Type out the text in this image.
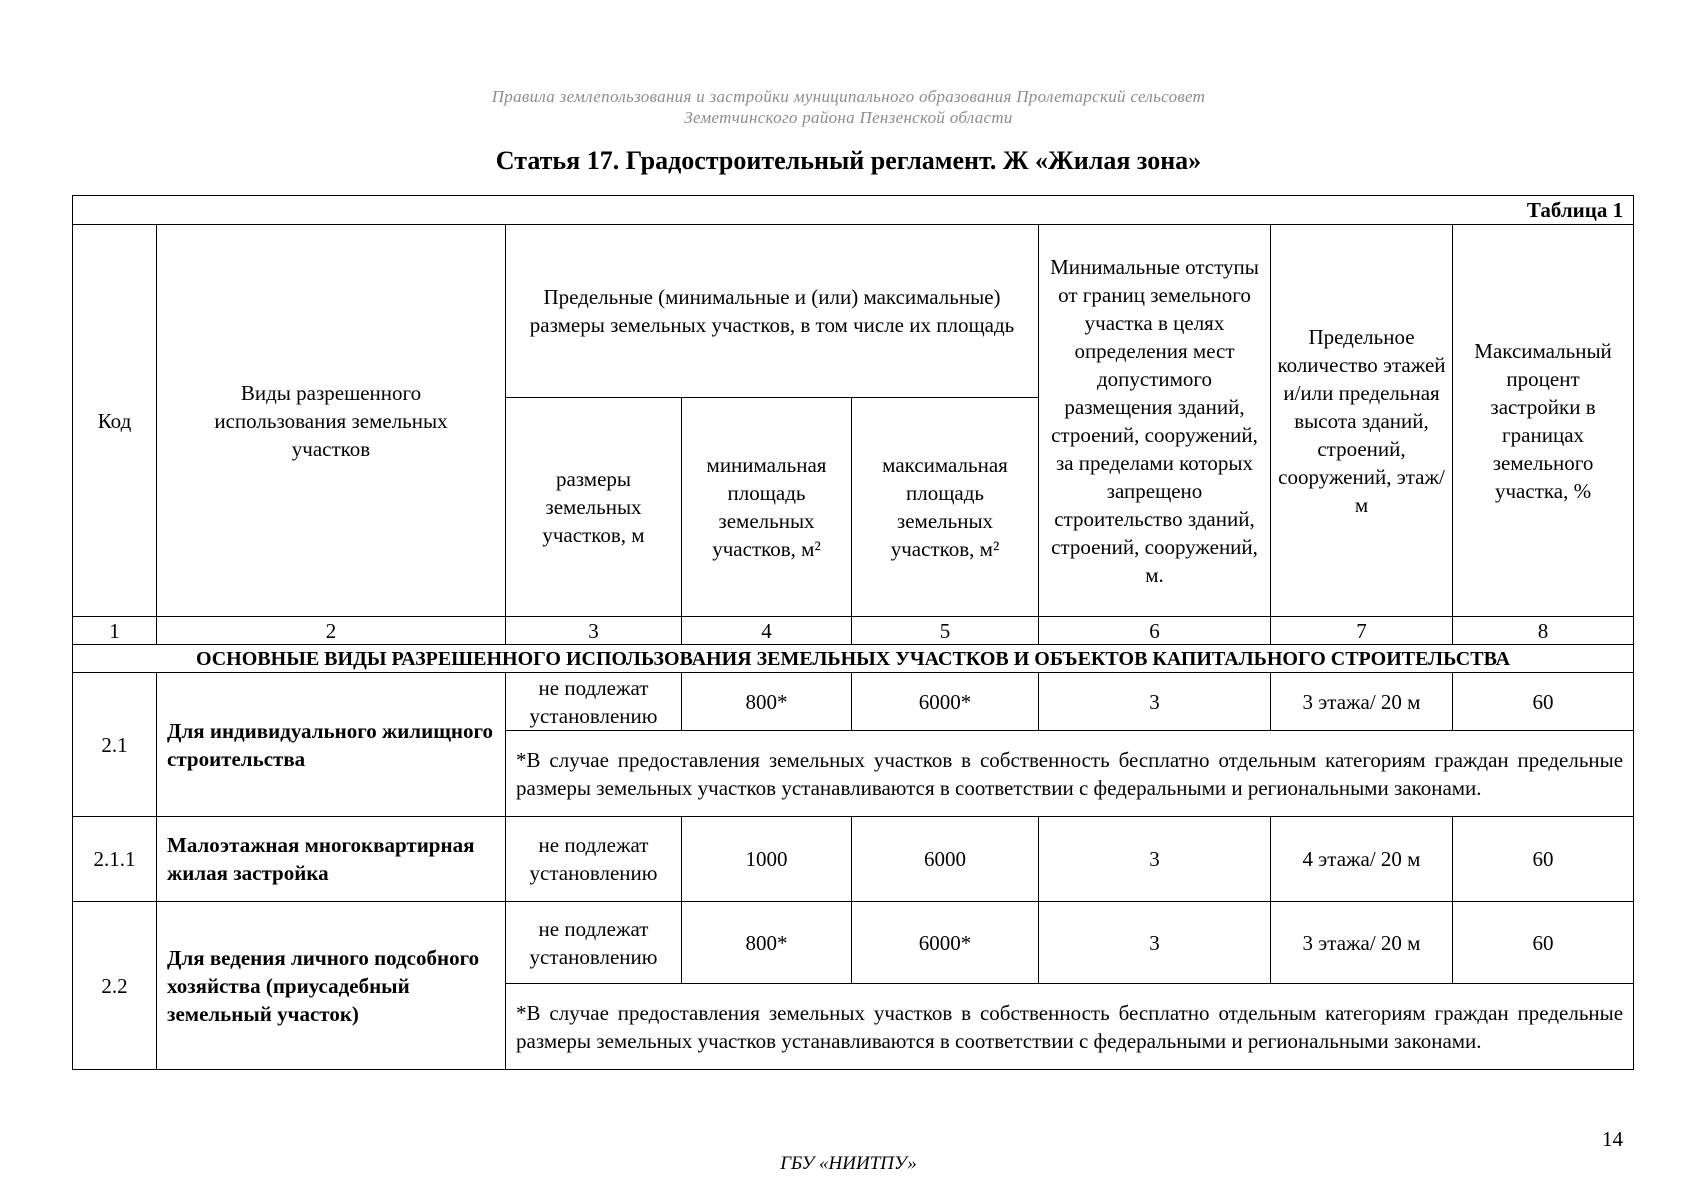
Правила землепользования и застройки муниципального образования Пролетарский сельсовет
Земетчинского района Пензенской области
Статья 17. Градостроительный регламент. Ж «Жилая зона»
Таблица 1							
Код	Виды разрешенного использования земельных участков	Предельные (минимальные и (или) максимальные) размеры земельных участков, в том числе их площадь			Минимальные отступы от границ земельного участка в целях определения мест допустимого размещения зданий, строений, сооружений, за пределами которых запрещено строительство зданий, строений, сооружений, м.	Предельное количество этажей и/или предельная высота зданий, строений, сооружений, этаж/м	Максимальный процент застройки в границах земельного участка, %
		размеры земельных участков, м	минимальная площадь земельных участков, м²	максимальная площадь земельных участков, м²			
1	2	3	4	5	6	7	8
ОСНОВНЫЕ ВИДЫ РАЗРЕШЕННОГО ИСПОЛЬЗОВАНИЯ ЗЕМЕЛЬНЫХ УЧАСТКОВ И ОБЪЕКТОВ КАПИТАЛЬНОГО СТРОИТЕЛЬСТВА							
2.1	Для индивидуального жилищного строительства	не подлежат установлению	800*	6000*	3	3 этажа/ 20 м	60
		*В случае предоставления земельных участков в собственность бесплатно отдельным категориям граждан предельные размеры земельных участков устанавливаются в соответствии с федеральными и региональными законами.					
2.1.1	Малоэтажная многоквартирная жилая застройка	не подлежат установлению	1000	6000	3	4 этажа/ 20 м	60
2.2	Для ведения личного подсобного хозяйства (приусадебный земельный участок)	не подлежат установлению	800*	6000*	3	3 этажа/ 20 м	60
		*В случае предоставления земельных участков в собственность бесплатно отдельным категориям граждан предельные размеры земельных участков устанавливаются в соответствии с федеральными и региональными законами.					
14
ГБУ «НИИТПУ»
